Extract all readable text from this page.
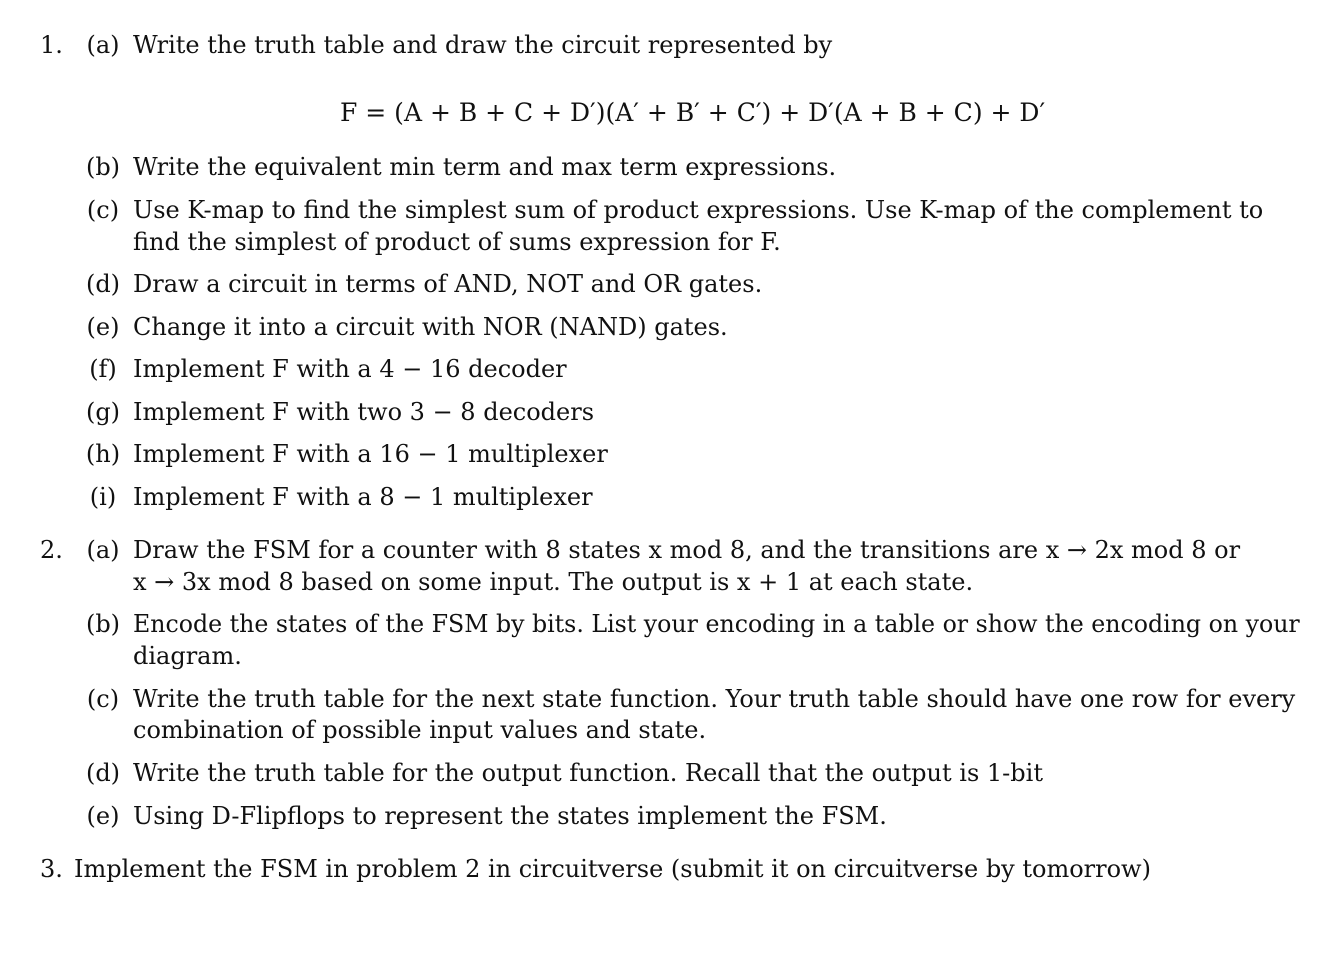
1. (a) Write the truth table and draw the circuit represented by
F = (A + B + C + D′)(A′ + B′ + C′) + D′(A + B + C) + D′
(b) Write the equivalent min term and max term expressions.
(c) Use K-map to find the simplest sum of product expressions. Use K-map of the complement to
find the simplest of product of sums expression for F.
(d) Draw a circuit in terms of AND, NOT and OR gates.
(e) Change it into a circuit with NOR (NAND) gates.
(f) Implement F with a 4 − 16 decoder
(g) Implement F with two 3 − 8 decoders
(h) Implement F with a 16 − 1 multiplexer
(i) Implement F with a 8 − 1 multiplexer
2. (a) Draw the FSM for a counter with 8 states x mod 8, and the transitions are x → 2x mod 8 or
x → 3x mod 8 based on some input. The output is x + 1 at each state.
(b) Encode the states of the FSM by bits. List your encoding in a table or show the encoding on your
diagram.
(c) Write the truth table for the next state function. Your truth table should have one row for every
combination of possible input values and state.
(d) Write the truth table for the output function. Recall that the output is 1-bit
(e) Using D-Flipflops to represent the states implement the FSM.
3. Implement the FSM in problem 2 in circuitverse (submit it on circuitverse by tomorrow)
